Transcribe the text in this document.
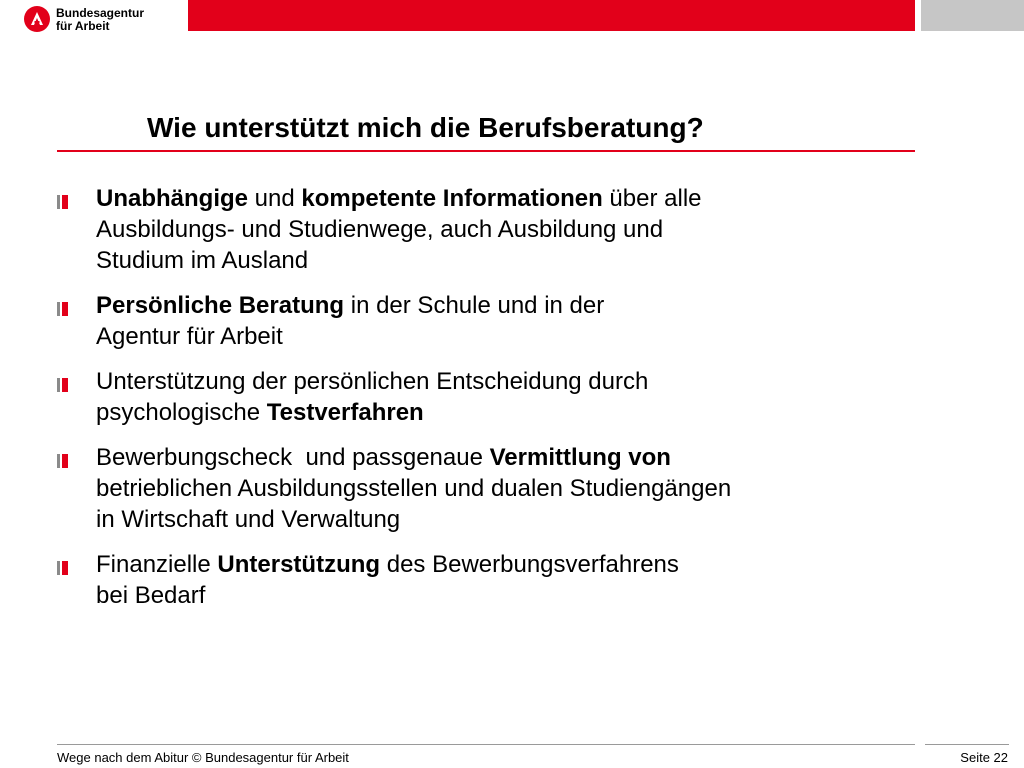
Bundesagentur
für Arbeit
Wie unterstützt mich die Berufsberatung?
Unabhängige und kompetente Informationen über alle
Ausbildungs- und Studienwege, auch Ausbildung und
Studium im Ausland
Persönliche Beratung in der Schule und in der
Agentur für Arbeit
Unterstützung der persönlichen Entscheidung durch
psychologische Testverfahren
Bewerbungscheck  und passgenaue Vermittlung von
betrieblichen Ausbildungsstellen und dualen Studiengängen
in Wirtschaft und Verwaltung
Finanzielle Unterstützung des Bewerbungsverfahrens
bei Bedarf
Wege nach dem Abitur © Bundesagentur für Arbeit	Seite 22
